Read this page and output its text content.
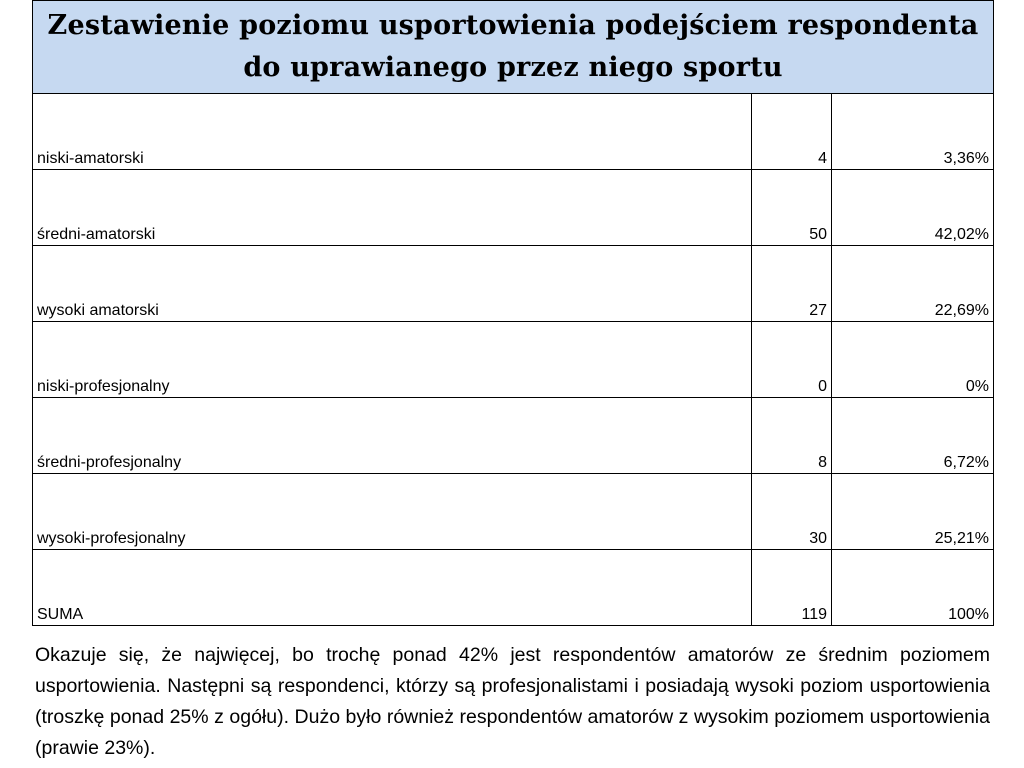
Zestawienie poziomu usportowienia podejściem respondenta do uprawianego przez niego sportu		
niski-amatorski	4	3,36%
średni-amatorski	50	42,02%
wysoki amatorski	27	22,69%
niski-profesjonalny	0	0%
średni-profesjonalny	8	6,72%
wysoki-profesjonalny	30	25,21%
SUMA	119	100%

Okazuje się, że najwięcej, bo trochę ponad 42% jest respondentów amatorów ze średnim poziomem usportowienia. Następni są respondenci, którzy są profesjonalistami i posiadają wysoki poziom usportowienia (troszkę ponad 25% z ogółu). Dużo było również respondentów amatorów z wysokim poziomem usportowienia (prawie 23%).
